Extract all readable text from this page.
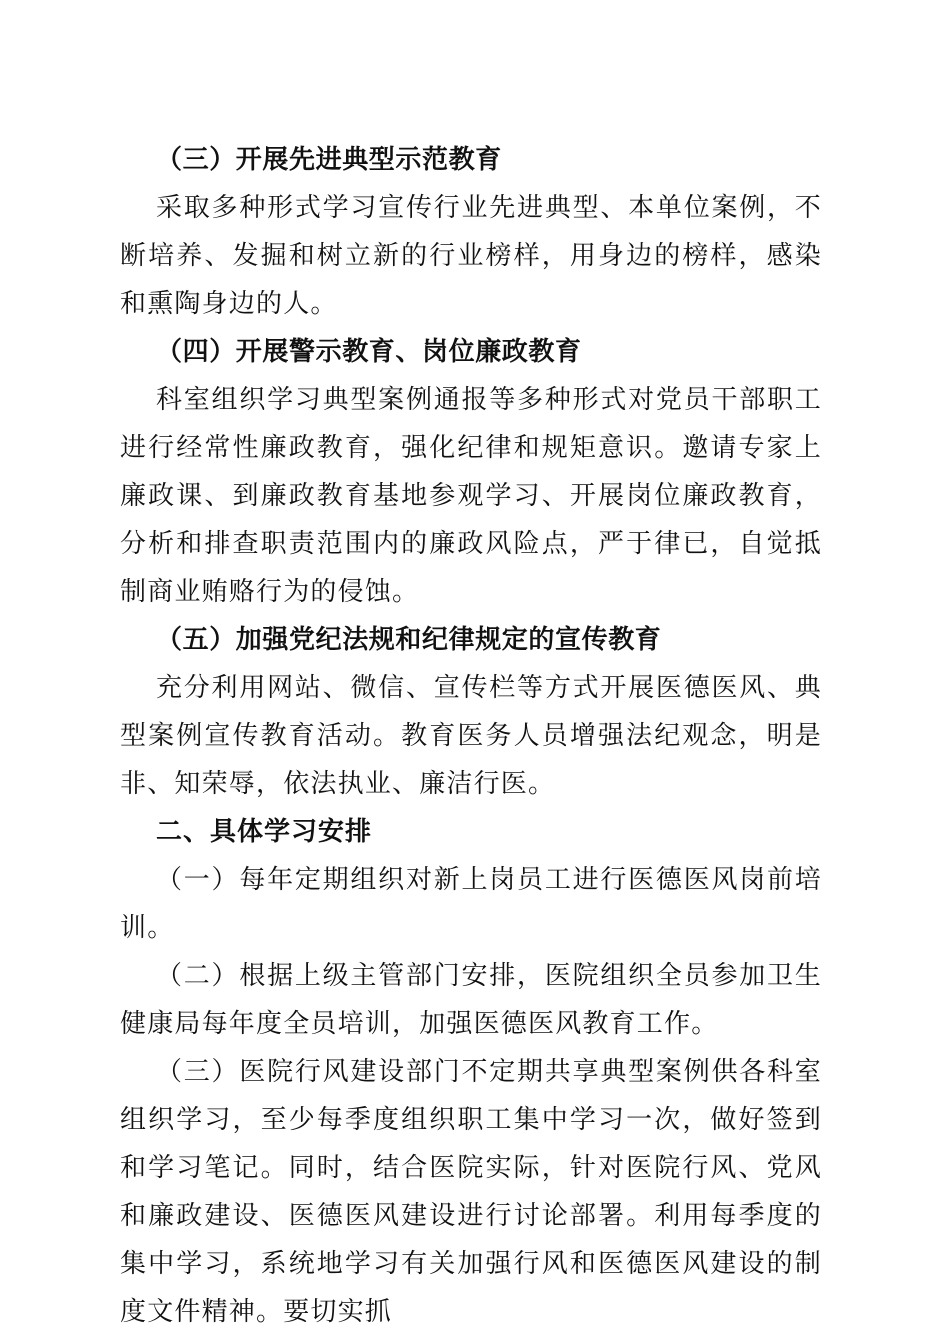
（三）开展先进典型示范教育

采取多种形式学习宣传行业先进典型、本单位案例，不断培养、发掘和树立新的行业榜样，用身边的榜样，感染和熏陶身边的人。

（四）开展警示教育、岗位廉政教育

科室组织学习典型案例通报等多种形式对党员干部职工进行经常性廉政教育，强化纪律和规矩意识。邀请专家上廉政课、到廉政教育基地参观学习、开展岗位廉政教育，分析和排查职责范围内的廉政风险点，严于律已，自觉抵制商业贿赂行为的侵蚀。

（五）加强党纪法规和纪律规定的宣传教育

充分利用网站、微信、宣传栏等方式开展医德医风、典型案例宣传教育活动。教育医务人员增强法纪观念，明是非、知荣辱，依法执业、廉洁行医。

二、具体学习安排

（一）每年定期组织对新上岗员工进行医德医风岗前培训。

（二）根据上级主管部门安排，医院组织全员参加卫生健康局每年度全员培训，加强医德医风教育工作。

（三）医院行风建设部门不定期共享典型案例供各科室组织学习，至少每季度组织职工集中学习一次，做好签到和学习笔记。同时，结合医院实际，针对医院行风、党风和廉政建设、医德医风建设进行讨论部署。利用每季度的集中学习，系统地学习有关加强行风和医德医风建设的制度文件精神。要切实抓
